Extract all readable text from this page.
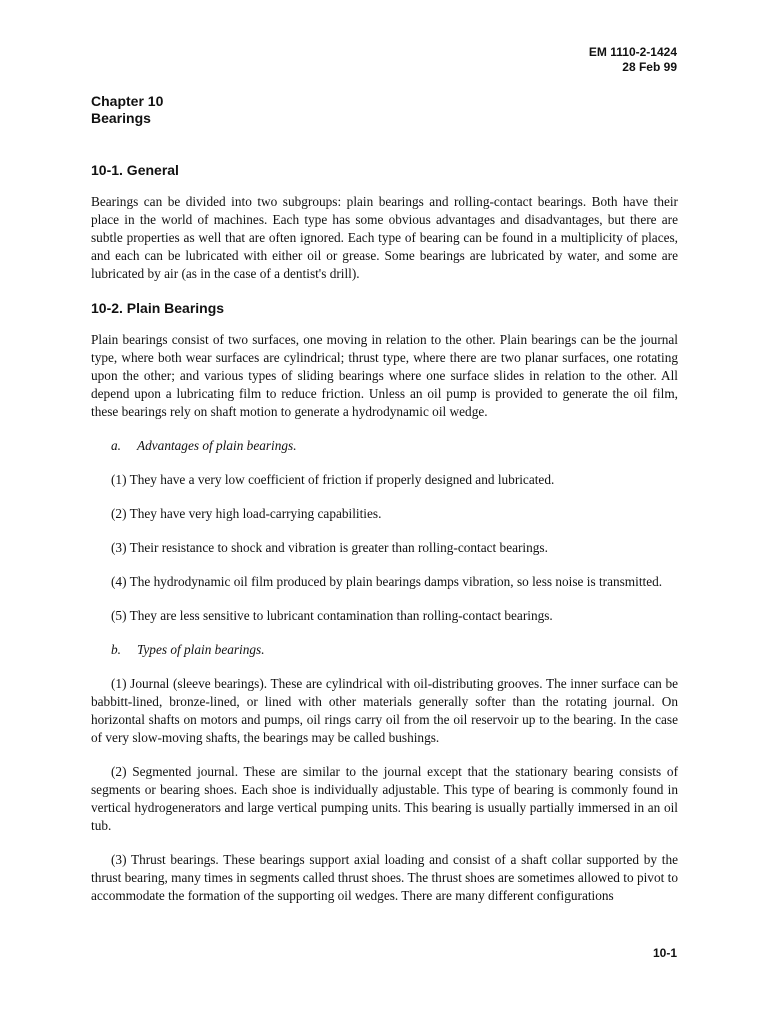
EM 1110-2-1424
28 Feb 99
Chapter 10
Bearings
10-1. General

Bearings can be divided into two subgroups: plain bearings and rolling-contact bearings. Both have their place in the world of machines. Each type has some obvious advantages and disadvantages, but there are subtle properties as well that are often ignored. Each type of bearing can be found in a multiplicity of places, and each can be lubricated with either oil or grease. Some bearings are lubricated by water, and some are lubricated by air (as in the case of a dentist's drill).

10-2. Plain Bearings

Plain bearings consist of two surfaces, one moving in relation to the other. Plain bearings can be the journal type, where both wear surfaces are cylindrical; thrust type, where there are two planar surfaces, one rotating upon the other; and various types of sliding bearings where one surface slides in relation to the other. All depend upon a lubricating film to reduce friction. Unless an oil pump is provided to generate the oil film, these bearings rely on shaft motion to generate a hydrodynamic oil wedge.

a. Advantages of plain bearings.

(1) They have a very low coefficient of friction if properly designed and lubricated.

(2) They have very high load-carrying capabilities.

(3) Their resistance to shock and vibration is greater than rolling-contact bearings.

(4) The hydrodynamic oil film produced by plain bearings damps vibration, so less noise is transmitted.

(5) They are less sensitive to lubricant contamination than rolling-contact bearings.

b. Types of plain bearings.

(1) Journal (sleeve bearings). These are cylindrical with oil-distributing grooves. The inner surface can be babbitt-lined, bronze-lined, or lined with other materials generally softer than the rotating journal. On horizontal shafts on motors and pumps, oil rings carry oil from the oil reservoir up to the bearing. In the case of very slow-moving shafts, the bearings may be called bushings.

(2) Segmented journal. These are similar to the journal except that the stationary bearing consists of segments or bearing shoes. Each shoe is individually adjustable. This type of bearing is commonly found in vertical hydrogenerators and large vertical pumping units. This bearing is usually partially immersed in an oil tub.

(3) Thrust bearings. These bearings support axial loading and consist of a shaft collar supported by the thrust bearing, many times in segments called thrust shoes. The thrust shoes are sometimes allowed to pivot to accommodate the formation of the supporting oil wedges. There are many different configurations

10-1
